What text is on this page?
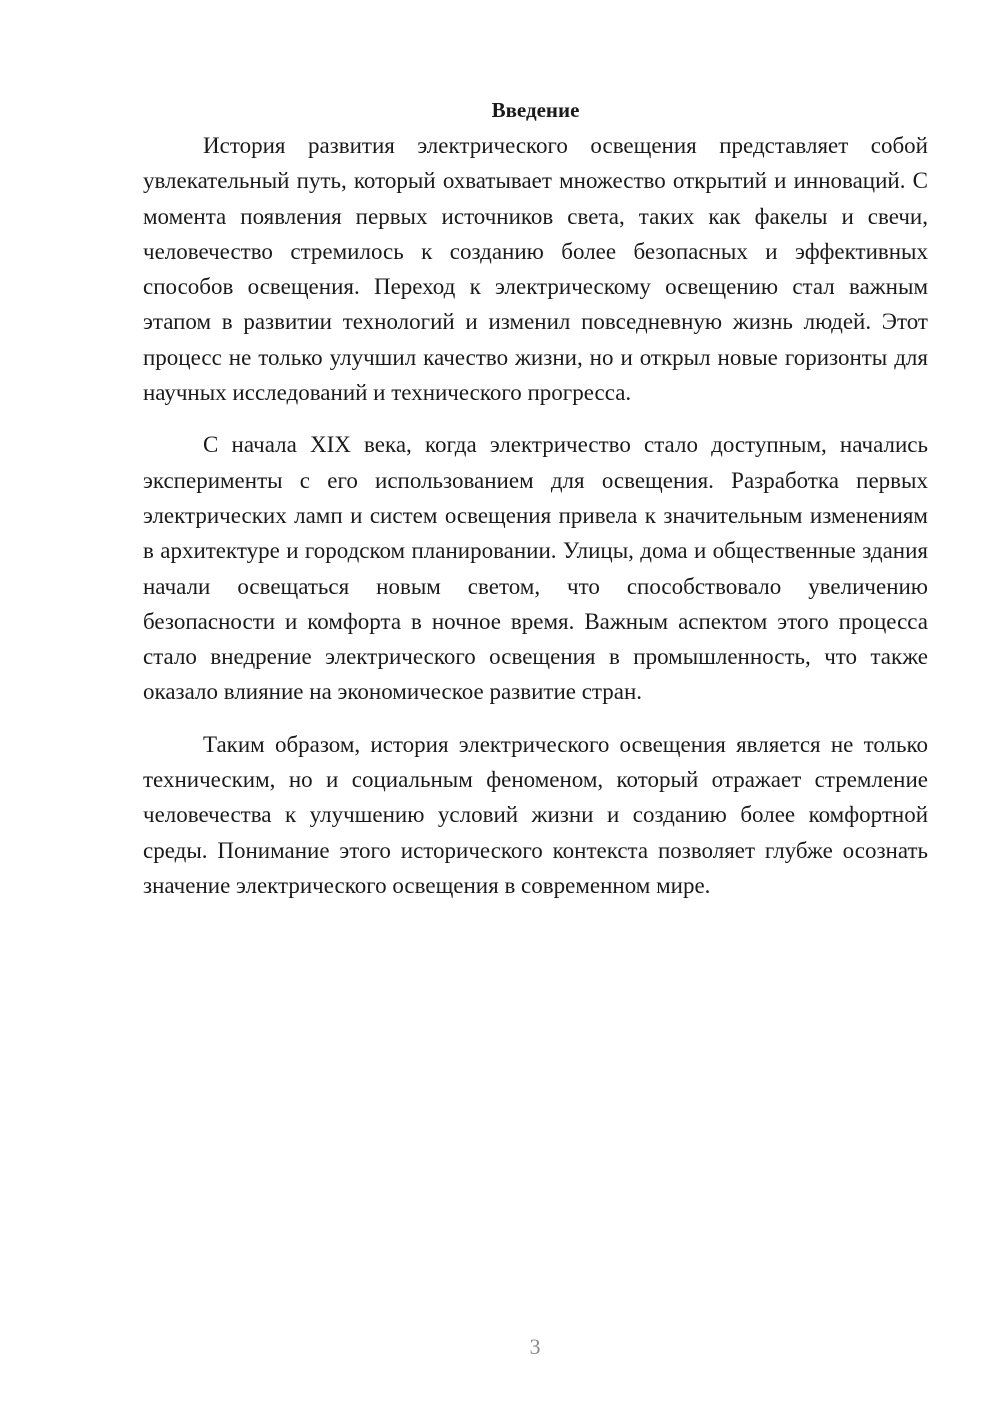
Введение

История развития электрического освещения представляет собой увлекательный путь, который охватывает множество открытий и инноваций. С момента появления первых источников света, таких как факелы и свечи, человечество стремилось к созданию более безопасных и эффективных способов освещения. Переход к электрическому освещению стал важным этапом в развитии технологий и изменил повседневную жизнь людей. Этот процесс не только улучшил качество жизни, но и открыл новые горизонты для научных исследований и технического прогресса.

С начала XIX века, когда электричество стало доступным, начались эксперименты с его использованием для освещения. Разработка первых электрических ламп и систем освещения привела к значительным изменениям в архитектуре и городском планировании. Улицы, дома и общественные здания начали освещаться новым светом, что способствовало увеличению безопасности и комфорта в ночное время. Важным аспектом этого процесса стало внедрение электрического освещения в промышленность, что также оказало влияние на экономическое развитие стран.

Таким образом, история электрического освещения является не только техническим, но и социальным феноменом, который отражает стремление человечества к улучшению условий жизни и созданию более комфортной среды. Понимание этого исторического контекста позволяет глубже осознать значение электрического освещения в современном мире.

3
